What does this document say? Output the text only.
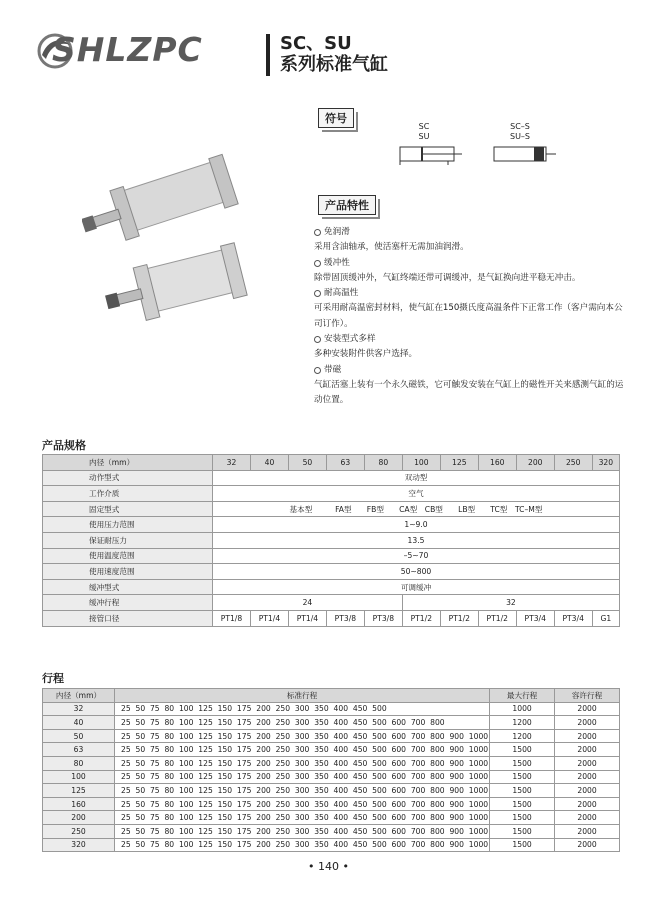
SHLZPC	SC、SU
系列标准气缸
符号
SC
SU
SC–S
SU–S
产品特性
免润滑
采用含油轴承，使活塞杆无需加油润滑。
缓冲性
除带固顶缓冲外，气缸终端还带可调缓冲，是气缸换向进平稳无冲击。
耐高温性
可采用耐高温密封材料，使气缸在150摄氏度高温条件下正常工作（客户需向本公司订作）。
安装型式多样
多种安装附件供客户选择。
带磁
气缸活塞上装有一个永久磁铁，它可触发安装在气缸上的磁性开关来感测气缸的运动位置。
产品规格
内径（mm）	32	40	50	63	80	100	125	160	200	250	320
动作型式	双动型										
工作介质	空气										
固定型式	基本型　　　FA型　　FB型　　CA型　CB型　　LB型　　TC型　TC–M型										
使用压力范围	1~9.0										
保证耐压力	13.5										
使用温度范围	–5~70										
使用速度范围	50~800										
缓冲型式	可调缓冲										
缓冲行程	24					32					
接管口径	PT1/8	PT1/4	PT1/4	PT3/8	PT3/8	PT1/2	PT1/2	PT1/2	PT3/4	PT3/4	G1
行程
内径（mm）	标准行程	最大行程	容许行程
32	25  50  75  80  100  125  150  175  200  250  300  350  400  450  500	1000	2000
40	25  50  75  80  100  125  150  175  200  250  300  350  400  450  500  600  700  800	1200	2000
50	25  50  75  80  100  125  150  175  200  250  300  350  400  450  500  600  700  800  900  1000	1200	2000
63	25  50  75  80  100  125  150  175  200  250  300  350  400  450  500  600  700  800  900  1000	1500	2000
80	25  50  75  80  100  125  150  175  200  250  300  350  400  450  500  600  700  800  900  1000	1500	2000
100	25  50  75  80  100  125  150  175  200  250  300  350  400  450  500  600  700  800  900  1000	1500	2000
125	25  50  75  80  100  125  150  175  200  250  300  350  400  450  500  600  700  800  900  1000	1500	2000
160	25  50  75  80  100  125  150  175  200  250  300  350  400  450  500  600  700  800  900  1000	1500	2000
200	25  50  75  80  100  125  150  175  200  250  300  350  400  450  500  600  700  800  900  1000	1500	2000
250	25  50  75  80  100  125  150  175  200  250  300  350  400  450  500  600  700  800  900  1000	1500	2000
320	25  50  75  80  100  125  150  175  200  250  300  350  400  450  500  600  700  800  900  1000	1500	2000
• 140 •
